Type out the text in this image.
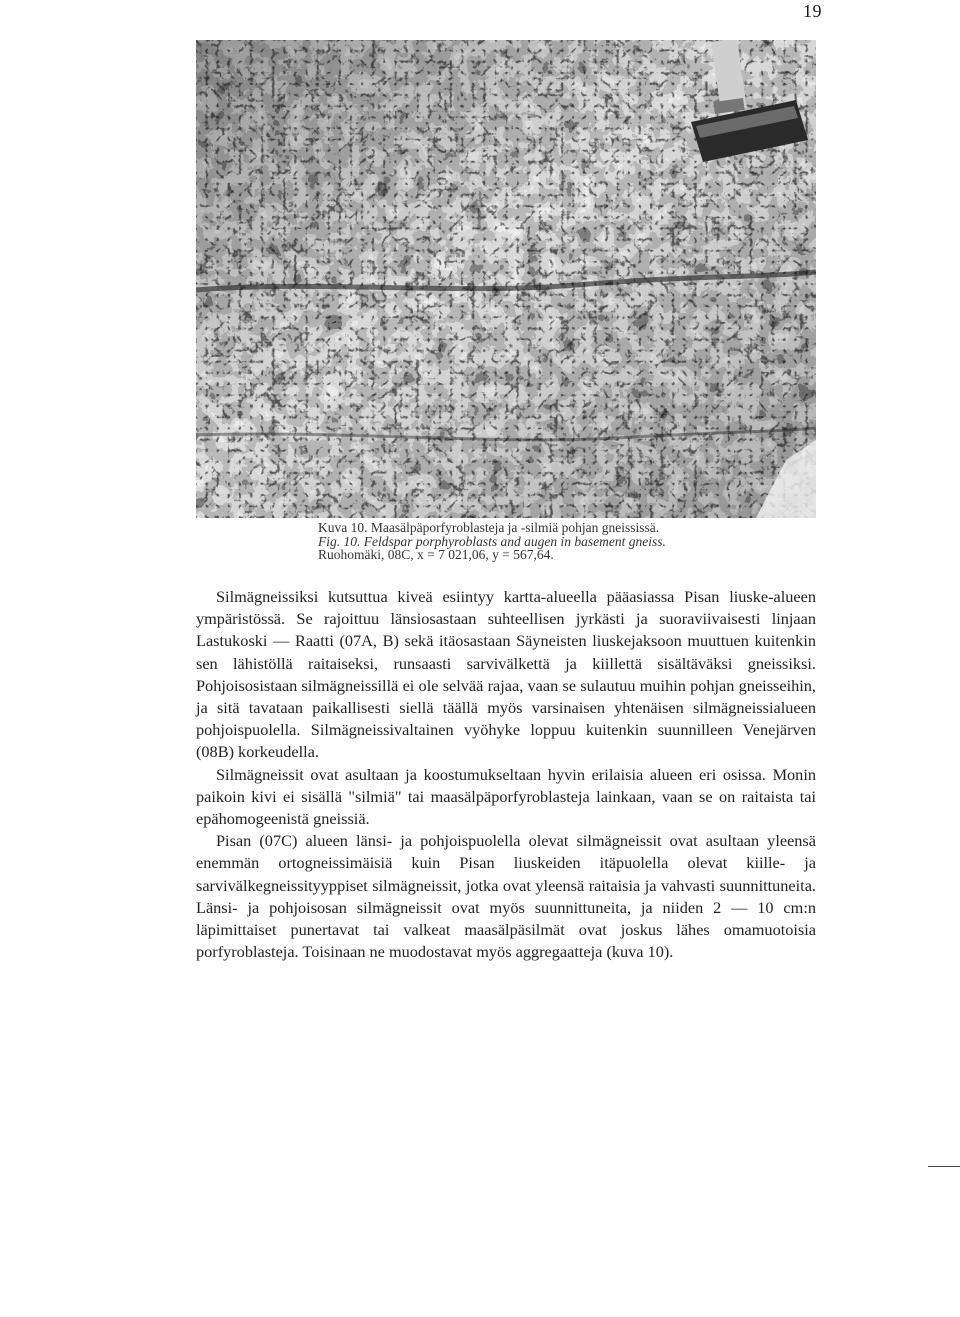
19
Kuva 10. Maasälpäporfyroblasteja ja -silmiä pohjan gneississä.
Fig. 10. Feldspar porphyroblasts and augen in basement gneiss.
Ruohomäki, 08C, x = 7 021,06, y = 567,64.

Silmägneissiksi kutsuttua kiveä esiintyy kartta-alueella pääasiassa Pisan liuske-alueen ympäristössä. Se rajoittuu länsiosastaan suhteellisen jyrkästi ja suoraviivaisesti linjaan Lastukoski — Raatti (07A, B) sekä itäosastaan Säyneisten liuskejaksoon muuttuen kuitenkin sen lähistöllä raitaiseksi, runsaasti sarvivälkettä ja kiillettä sisältäväksi gneissiksi. Pohjoisosistaan silmägneissillä ei ole selvää rajaa, vaan se sulautuu muihin pohjan gneisseihin, ja sitä tavataan paikallisesti siellä täällä myös varsinaisen yhtenäisen silmägneissialueen pohjoispuolella. Silmägneissivaltainen vyöhyke loppuu kuitenkin suunnilleen Venejärven (08B) korkeudella.

Silmägneissit ovat asultaan ja koostumukseltaan hyvin erilaisia alueen eri osissa. Monin paikoin kivi ei sisällä "silmiä" tai maasälpäporfyroblasteja lainkaan, vaan se on raitaista tai epähomogeenistä gneissiä.

Pisan (07C) alueen länsi- ja pohjoispuolella olevat silmägneissit ovat asultaan yleensä enemmän ortogneissimäisiä kuin Pisan liuskeiden itäpuolella olevat kiille- ja sarvivälkegneissityyppiset silmägneissit, jotka ovat yleensä raitaisia ja vahvasti suunnittuneita. Länsi- ja pohjoisosan silmägneissit ovat myös suunnittuneita, ja niiden 2 — 10 cm:n läpimittaiset punertavat tai valkeat maasälpäsilmät ovat joskus lähes omamuotoisia porfyroblasteja. Toisinaan ne muodostavat myös aggregaatteja (kuva 10).
